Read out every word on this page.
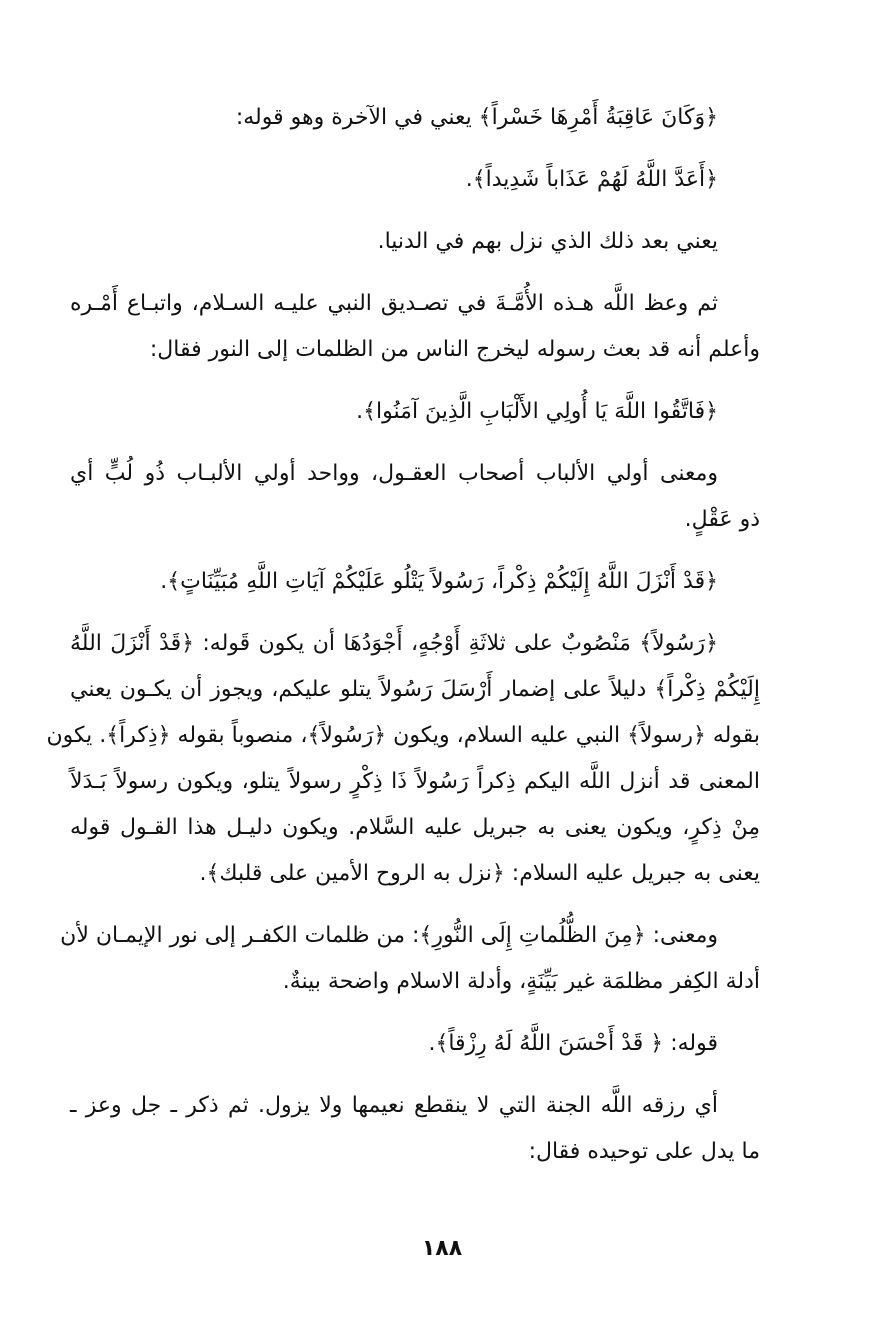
﴿وَكَانَ عَاقِبَةُ أَمْرِهَا خَسْراً﴾ يعني في الآخرة وهو قوله:
﴿أَعَدَّ اللَّهُ لَهُمْ عَذَاباً شَدِيداً﴾.
يعني بعد ذلك الذي نزل بهم في الدنيا.
ثم وعظ اللَّه هـذه الأُمَّـةَ في تصـديق النبي عليـه السـلام، واتبـاع أَمْـره
وأعلم أنه قد بعث رسوله ليخرج الناس من الظلمات إلى النور فقال:
﴿فَاتَّقُوا اللَّهَ يَا أُولِي الأَلْبَابِ الَّذِينَ آمَنُوا﴾.
ومعنى أولي الألباب أصحاب العقـول، وواحد أولي الألبـاب ذُو لُبٍّ أي
ذو عَقْلٍ.
﴿قَدْ أَنْزَلَ اللَّهُ إِلَيْكُمْ ذِكْراً، رَسُولاً يَتْلُو عَلَيْكُمْ آيَاتِ اللَّهِ مُبَيِّنَاتٍ﴾.
﴿رَسُولاً﴾ مَنْصُوبٌ على ثلاثَةِ أَوْجُهٍ، أَجْوَدُهَا أن يكون قَوله: ﴿قَدْ أَنْزَلَ اللَّهُ
إِلَيْكُمْ ذِكْراً﴾ دليلاً على إضمار أَرْسَلَ رَسُولاً يتلو عليكم، ويجوز أن يكـون يعني
بقوله ﴿رسولاً﴾ النبي عليه السلام، ويكون ﴿رَسُولاً﴾، منصوباً بقوله ﴿ذِكراً﴾. يكون
المعنى قد أنزل اللَّه اليكم ذِكراً رَسُولاً ذَا ذِكْرٍ رسولاً يتلو، ويكون رسولاً بَـدَلاً
مِنْ ذِكرٍ، ويكون يعنى به جبريل عليه السَّلام. ويكون دليـل هذا القـول قوله
يعنى به جبريل عليه السلام: ﴿نزل به الروح الأمين على قلبك﴾.
ومعنى: ﴿مِنَ الظُّلُماتِ إِلَى النُّورِ﴾: من ظلمات الكفـر إلى نور الإيمـان لأن
أدلة الكِفر مظلمَة غير بَيِّنَةٍ، وأدلة الاسلام واضحة بينةٌ.
قوله: ﴿ قَدْ أَحْسَنَ اللَّهُ لَهُ رِزْقاً﴾.
أي رزقه اللَّه الجنة التي لا ينقطع نعيمها ولا يزول. ثم ذكر ـ جل وعز ـ
ما يدل على توحيده فقال:
١٨٨
